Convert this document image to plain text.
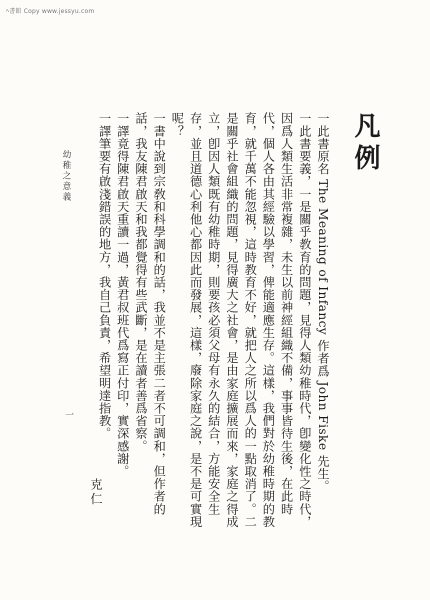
ﾍ書館 Copy www.jessyu.com
凡例

一此書原名 The Meaning of Infancy 作者爲 John Fiske 先生。

一此書要義，一是關乎教育的問題，見得人類幼稚時代，卽變化性之時代，因爲人類生活非常複雜，未生以前神經組織不備，事事皆待生後，在此時代，個人各由其經驗以學習，俾能適應生存。這樣，我們對於幼稚時期的教育，就千萬不能忽視，這時教育不好，就把人之所以爲人的一點取消了。二是關乎社會組織的問題，見得廣大之社會，是由家庭擴展而來，家庭之得成立，卽因人類既有幼稚時期，則要孩必須父母有永久的結合，方能安全生存，並且道德心利他心都因此而發展，這樣，廢除家庭之說，是不是可實現呢？

一書中說到宗敎和科學調和的話，我並不是主張二者不可調和，但作者的話，我友陳君啟天和我都覺得有些武斷，是在讀者善爲省察。

一譯竟得陳君啟天重讀一過，黃君叔班代爲寫正付印，實深感謝。

一譯筆要有啟淺錯誤的地方，我自己負責，希望明達指教。

克仁
幼稚之意義
一
